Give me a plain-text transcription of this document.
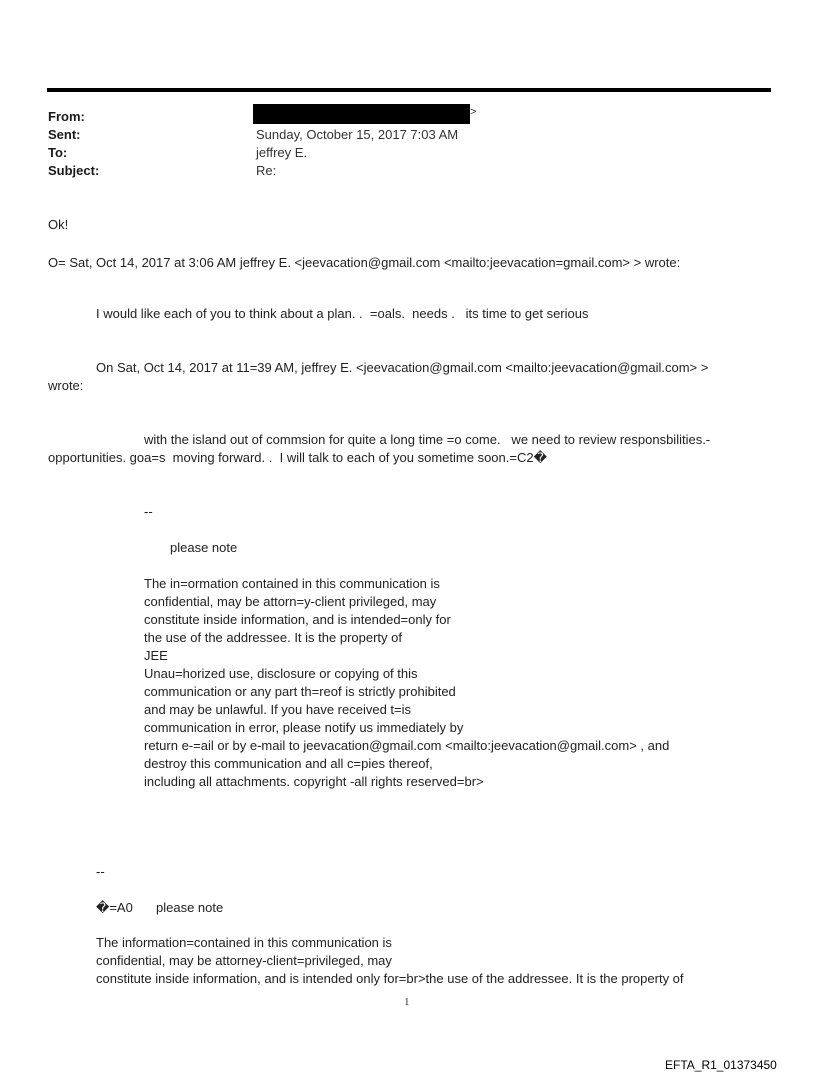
From:	>
Sent:	Sunday, October 15, 2017 7:03 AM
To:	jeffrey E.
Subject:	Re:
Ok!
O= Sat, Oct 14, 2017 at 3:06 AM jeffrey E. <jeevacation@gmail.com <mailto:jeevacation=gmail.com> > wrote:
I would like each of you to think about a plan. .  =oals.  needs .   its time to get serious
On Sat, Oct 14, 2017 at 11=39 AM, jeffrey E. <jeevacation@gmail.com <mailto:jeevacation@gmail.com> >
wrote:
with the island out of commsion for quite a long time =o come.   we need to review responsbilities.-
opportunities. goa=s  moving forward. .  I will talk to each of you sometime soon.=C2�
--
please note
The in=ormation contained in this communication is
confidential, may be attorn=y-client privileged, may
constitute inside information, and is intended=only for
the use of the addressee. It is the property of
JEE
Unau=horized use, disclosure or copying of this
communication or any part th=reof is strictly prohibited
and may be unlawful. If you have received t=is
communication in error, please notify us immediately by
return e-=ail or by e-mail to jeevacation@gmail.com <mailto:jeevacation@gmail.com> , and
destroy this communication and all c=pies thereof,
including all attachments. copyright -all rights reserved=br>
--
�=A0 please note
The information=contained in this communication is
confidential, may be attorney-client=privileged, may
constitute inside information, and is intended only for=br>the use of the addressee. It is the property of
1
EFTA_R1_01373450
